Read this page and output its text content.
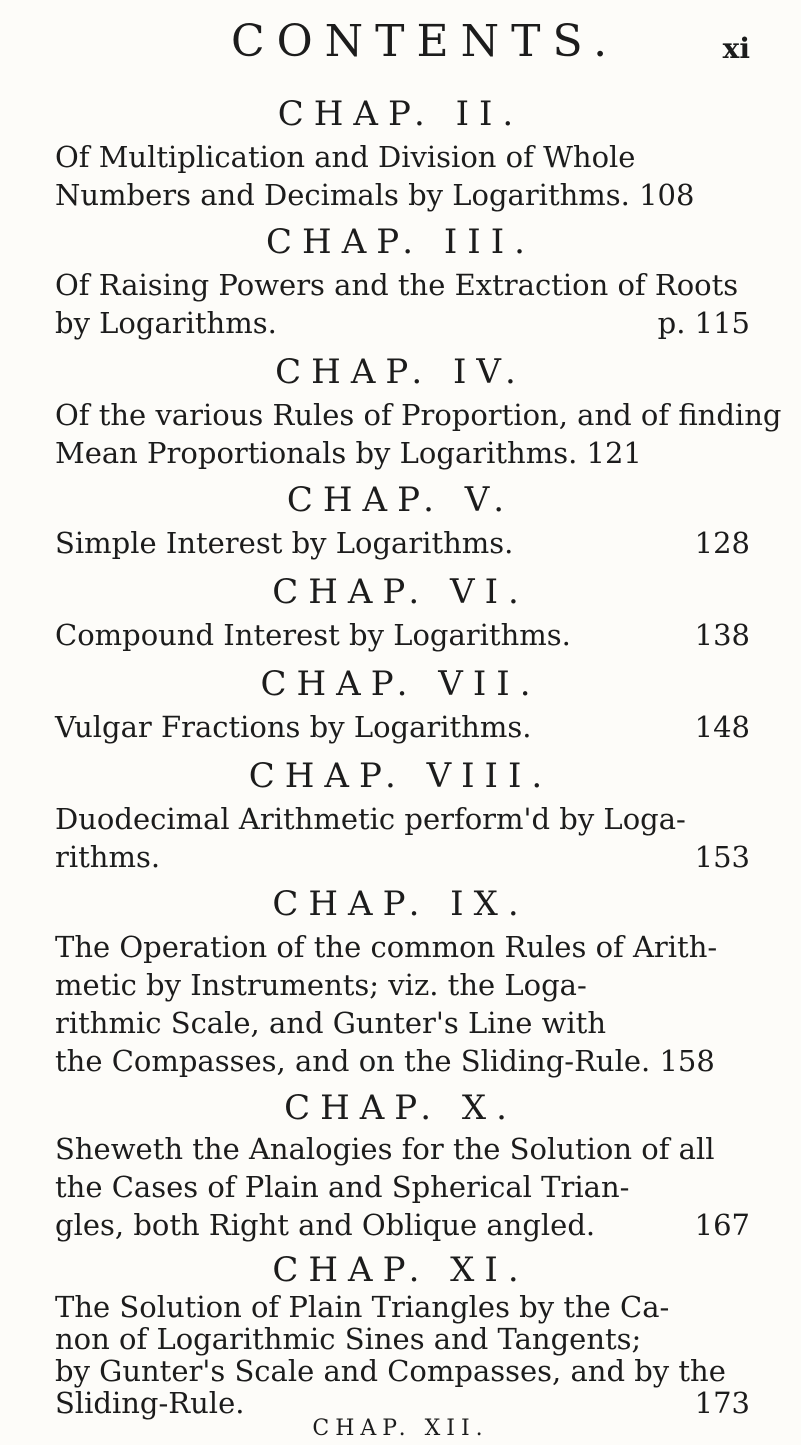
CONTENTS.	xi
CHAP. II.
Of Multiplication and Division of Whole
Numbers and Decimals by Logarithms. 108
CHAP. III.
Of Raising Powers and the Extraction of Roots
by Logarithms.	p. 115
CHAP. IV.
Of the various Rules of Proportion, and of finding
Mean Proportionals by Logarithms. 121
CHAP. V.
Simple Interest by Logarithms.	128
CHAP. VI.
Compound Interest by Logarithms.	138
CHAP. VII.
Vulgar Fractions by Logarithms.	148
CHAP. VIII.
Duodecimal Arithmetic perform'd by Loga-
rithms.	153
CHAP. IX.
The Operation of the common Rules of Arith-
metic by Instruments; viz. the Loga-
rithmic Scale, and Gunter's Line with
the Compasses, and on the Sliding-Rule. 158
CHAP. X.
Sheweth the Analogies for the Solution of all
the Cases of Plain and Spherical Trian-
gles, both Right and Oblique angled.	167
CHAP. XI.
The Solution of Plain Triangles by the Ca-
non of Logarithmic Sines and Tangents;
by Gunter's Scale and Compasses, and by the
Sliding-Rule.	173
CHAP. XII.
